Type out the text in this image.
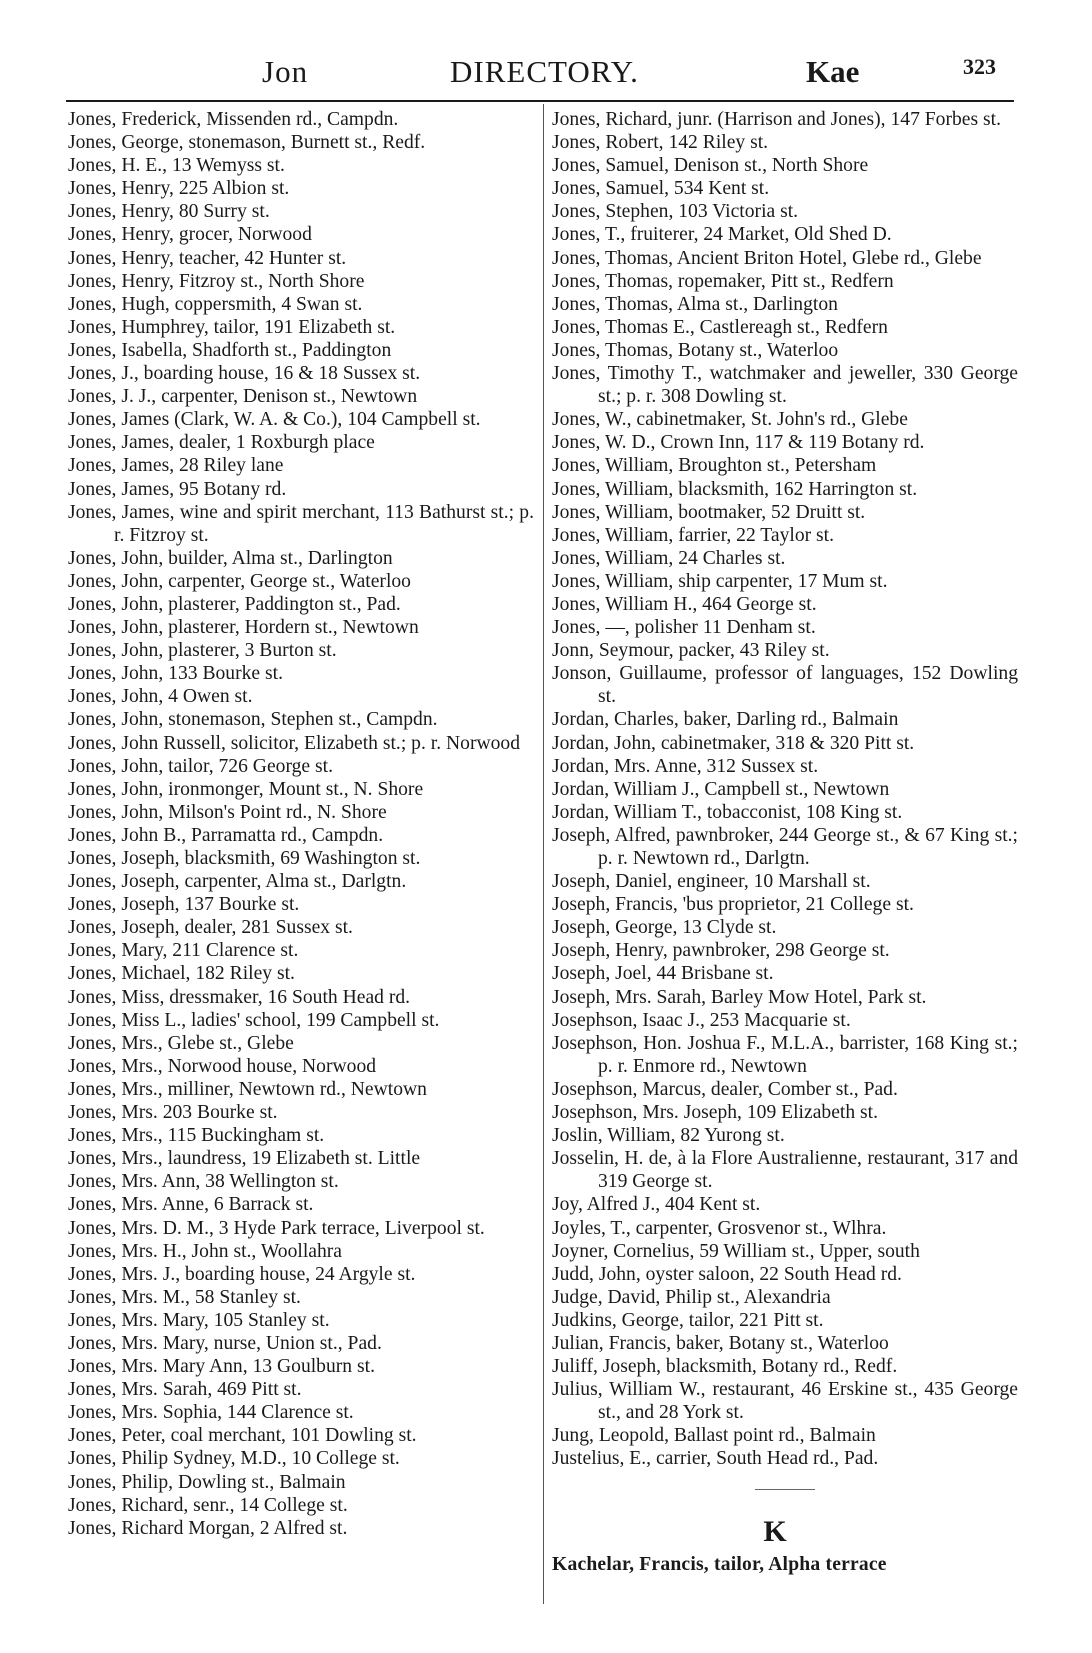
Jon	DIRECTORY.	Kae	323
Jones, Frederick, Missenden rd., Campdn.
Jones, George, stonemason, Burnett st., Redf.
Jones, H. E., 13 Wemyss st.
Jones, Henry, 225 Albion st.
Jones, Henry, 80 Surry st.
Jones, Henry, grocer, Norwood
Jones, Henry, teacher, 42 Hunter st.
Jones, Henry, Fitzroy st., North Shore
Jones, Hugh, coppersmith, 4 Swan st.
Jones, Humphrey, tailor, 191 Elizabeth st.
Jones, Isabella, Shadforth st., Paddington
Jones, J., boarding house, 16 & 18 Sussex st.
Jones, J. J., carpenter, Denison st., Newtown
Jones, James (Clark, W. A. & Co.), 104 Campbell st.
Jones, James, dealer, 1 Roxburgh place
Jones, James, 28 Riley lane
Jones, James, 95 Botany rd.
Jones, James, wine and spirit merchant, 113 Bathurst st.; p. r. Fitzroy st.
Jones, John, builder, Alma st., Darlington
Jones, John, carpenter, George st., Waterloo
Jones, John, plasterer, Paddington st., Pad.
Jones, John, plasterer, Hordern st., Newtown
Jones, John, plasterer, 3 Burton st.
Jones, John, 133 Bourke st.
Jones, John, 4 Owen st.
Jones, John, stonemason, Stephen st., Campdn.
Jones, John Russell, solicitor, Elizabeth st.; p. r. Norwood
Jones, John, tailor, 726 George st.
Jones, John, ironmonger, Mount st., N. Shore
Jones, John, Milson's Point rd., N. Shore
Jones, John B., Parramatta rd., Campdn.
Jones, Joseph, blacksmith, 69 Washington st.
Jones, Joseph, carpenter, Alma st., Darlgtn.
Jones, Joseph, 137 Bourke st.
Jones, Joseph, dealer, 281 Sussex st.
Jones, Mary, 211 Clarence st.
Jones, Michael, 182 Riley st.
Jones, Miss, dressmaker, 16 South Head rd.
Jones, Miss L., ladies' school, 199 Campbell st.
Jones, Mrs., Glebe st., Glebe
Jones, Mrs., Norwood house, Norwood
Jones, Mrs., milliner, Newtown rd., Newtown
Jones, Mrs. 203 Bourke st.
Jones, Mrs., 115 Buckingham st.
Jones, Mrs., laundress, 19 Elizabeth st. Little
Jones, Mrs. Ann, 38 Wellington st.
Jones, Mrs. Anne, 6 Barrack st.
Jones, Mrs. D. M., 3 Hyde Park terrace, Liverpool st.
Jones, Mrs. H., John st., Woollahra
Jones, Mrs. J., boarding house, 24 Argyle st.
Jones, Mrs. M., 58 Stanley st.
Jones, Mrs. Mary, 105 Stanley st.
Jones, Mrs. Mary, nurse, Union st., Pad.
Jones, Mrs. Mary Ann, 13 Goulburn st.
Jones, Mrs. Sarah, 469 Pitt st.
Jones, Mrs. Sophia, 144 Clarence st.
Jones, Peter, coal merchant, 101 Dowling st.
Jones, Philip Sydney, M.D., 10 College st.
Jones, Philip, Dowling st., Balmain
Jones, Richard, senr., 14 College st.
Jones, Richard Morgan, 2 Alfred st.
Jones, Richard, junr. (Harrison and Jones), 147 Forbes st.
Jones, Robert, 142 Riley st.
Jones, Samuel, Denison st., North Shore
Jones, Samuel, 534 Kent st.
Jones, Stephen, 103 Victoria st.
Jones, T., fruiterer, 24 Market, Old Shed D.
Jones, Thomas, Ancient Briton Hotel, Glebe rd., Glebe
Jones, Thomas, ropemaker, Pitt st., Redfern
Jones, Thomas, Alma st., Darlington
Jones, Thomas E., Castlereagh st., Redfern
Jones, Thomas, Botany st., Waterloo
Jones, Timothy T., watchmaker and jeweller, 330 George st.; p. r. 308 Dowling st.
Jones, W., cabinetmaker, St. John's rd., Glebe
Jones, W. D., Crown Inn, 117 & 119 Botany rd.
Jones, William, Broughton st., Petersham
Jones, William, blacksmith, 162 Harrington st.
Jones, William, bootmaker, 52 Druitt st.
Jones, William, farrier, 22 Taylor st.
Jones, William, 24 Charles st.
Jones, William, ship carpenter, 17 Mum st.
Jones, William H., 464 George st.
Jones, —, polisher 11 Denham st.
Jonn, Seymour, packer, 43 Riley st.
Jonson, Guillaume, professor of languages, 152 Dowling st.
Jordan, Charles, baker, Darling rd., Balmain
Jordan, John, cabinetmaker, 318 & 320 Pitt st.
Jordan, Mrs. Anne, 312 Sussex st.
Jordan, William J., Campbell st., Newtown
Jordan, William T., tobacconist, 108 King st.
Joseph, Alfred, pawnbroker, 244 George st., & 67 King st.; p. r. Newtown rd., Darlgtn.
Joseph, Daniel, engineer, 10 Marshall st.
Joseph, Francis, 'bus proprietor, 21 College st.
Joseph, George, 13 Clyde st.
Joseph, Henry, pawnbroker, 298 George st.
Joseph, Joel, 44 Brisbane st.
Joseph, Mrs. Sarah, Barley Mow Hotel, Park st.
Josephson, Isaac J., 253 Macquarie st.
Josephson, Hon. Joshua F., M.L.A., barrister, 168 King st.; p. r. Enmore rd., Newtown
Josephson, Marcus, dealer, Comber st., Pad.
Josephson, Mrs. Joseph, 109 Elizabeth st.
Joslin, William, 82 Yurong st.
Josselin, H. de, à la Flore Australienne, restaurant, 317 and 319 George st.
Joy, Alfred J., 404 Kent st.
Joyles, T., carpenter, Grosvenor st., Wlhra.
Joyner, Cornelius, 59 William st., Upper, south
Judd, John, oyster saloon, 22 South Head rd.
Judge, David, Philip st., Alexandria
Judkins, George, tailor, 221 Pitt st.
Julian, Francis, baker, Botany st., Waterloo
Juliff, Joseph, blacksmith, Botany rd., Redf.
Julius, William W., restaurant, 46 Erskine st., 435 George st., and 28 York st.
Jung, Leopold, Ballast point rd., Balmain
Justelius, E., carrier, South Head rd., Pad.
K
Kachelar, Francis, tailor, Alpha terrace
